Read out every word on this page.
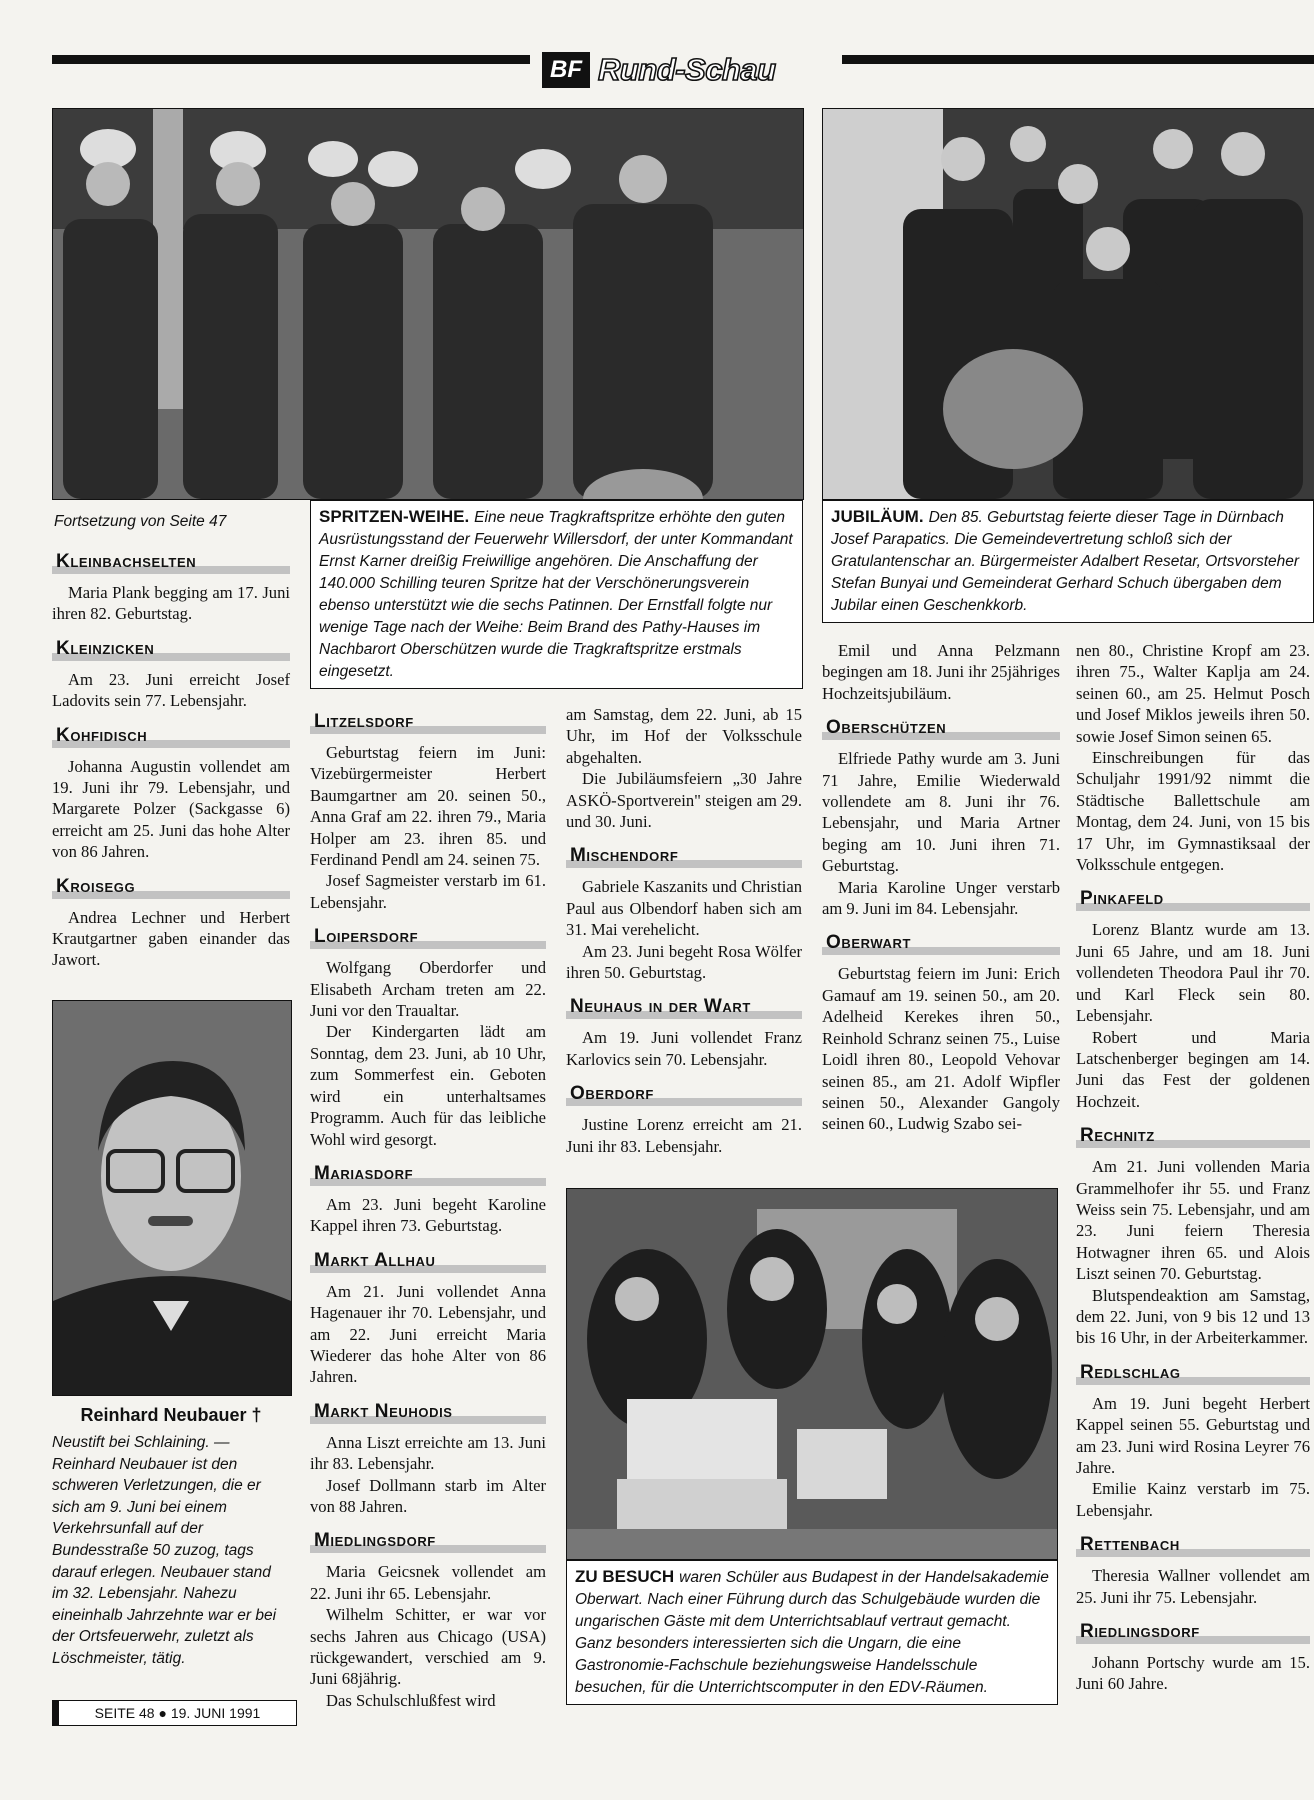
BF Rund-Schau
Fortsetzung von Seite 47
Kleinbachselten

Maria Plank begging am 17. Juni ihren 82. Geburtstag.

Kleinzicken

Am 23. Juni erreicht Josef Ladovits sein 77. Lebensjahr.

Kohfidisch

Johanna Augustin vollendet am 19. Juni ihr 79. Lebensjahr, und Margarete Polzer (Sackgasse 6) erreicht am 25. Juni das hohe Alter von 86 Jahren.

Kroisegg

Andrea Lechner und Herbert Krautgartner gaben einander das Jawort.

Reinhard Neubauer †
Neustift bei Schlaining. — Reinhard Neubauer ist den schweren Verletzungen, die er sich am 9. Juni bei einem Verkehrsunfall auf der Bundesstraße 50 zuzog, tags darauf erlegen. Neubauer stand im 32. Lebensjahr. Nahezu eineinhalb Jahrzehnte war er bei der Ortsfeuerwehr, zuletzt als Löschmeister, tätig.
SEITE 48 ● 19. JUNI 1991
SPRITZEN-WEIHE. Eine neue Tragkraftspritze erhöhte den guten Ausrüstungsstand der Feuerwehr Willersdorf, der unter Kommandant Ernst Karner dreißig Freiwillige angehören. Die Anschaffung der 140.000 Schilling teuren Spritze hat der Verschönerungsverein ebenso unterstützt wie die sechs Patinnen. Der Ernstfall folgte nur wenige Tage nach der Weihe: Beim Brand des Pathy-Hauses im Nachbarort Oberschützen wurde die Tragkraftspritze erstmals eingesetzt.
Litzelsdorf

Geburtstag feiern im Juni: Vizebürgermeister Herbert Baumgartner am 20. seinen 50., Anna Graf am 22. ihren 79., Maria Holper am 23. ihren 85. und Ferdinand Pendl am 24. seinen 75.

Josef Sagmeister verstarb im 61. Lebensjahr.

Loipersdorf

Wolfgang Oberdorfer und Elisabeth Archam treten am 22. Juni vor den Traualtar.

Der Kindergarten lädt am Sonntag, dem 23. Juni, ab 10 Uhr, zum Sommerfest ein. Geboten wird ein unterhaltsames Programm. Auch für das leibliche Wohl wird gesorgt.

Mariasdorf

Am 23. Juni begeht Karoline Kappel ihren 73. Geburtstag.

Markt Allhau

Am 21. Juni vollendet Anna Hagenauer ihr 70. Lebensjahr, und am 22. Juni erreicht Maria Wiederer das hohe Alter von 86 Jahren.

Markt Neuhodis

Anna Liszt erreichte am 13. Juni ihr 83. Lebensjahr.

Josef Dollmann starb im Alter von 88 Jahren.

Miedlingsdorf

Maria Geicsnek vollendet am 22. Juni ihr 65. Lebensjahr.

Wilhelm Schitter, er war vor sechs Jahren aus Chicago (USA) rückgewandert, verschied am 9. Juni 68jährig.

Das Schulschlußfest wird

am Samstag, dem 22. Juni, ab 15 Uhr, im Hof der Volksschule abgehalten.

Die Jubiläumsfeiern „30 Jahre ASKÖ-Sportverein" steigen am 29. und 30. Juni.

Mischendorf

Gabriele Kaszanits und Christian Paul aus Olbendorf haben sich am 31. Mai verehelicht.

Am 23. Juni begeht Rosa Wölfer ihren 50. Geburtstag.

Neuhaus in der Wart

Am 19. Juni vollendet Franz Karlovics sein 70. Lebensjahr.

Oberdorf

Justine Lorenz erreicht am 21. Juni ihr 83. Lebensjahr.

JUBILÄUM. Den 85. Geburtstag feierte dieser Tage in Dürnbach Josef Parapatics. Die Gemeindevertretung schloß sich der Gratulantenschar an. Bürgermeister Adalbert Resetar, Ortsvorsteher Stefan Bunyai und Gemeinderat Gerhard Schuch übergaben dem Jubilar einen Geschenkkorb.

Emil und Anna Pelzmann begingen am 18. Juni ihr 25jähriges Hochzeitsjubiläum.

Oberschützen

Elfriede Pathy wurde am 3. Juni 71 Jahre, Emilie Wiederwald vollendete am 8. Juni ihr 76. Lebensjahr, und Maria Artner beging am 10. Juni ihren 71. Geburtstag.

Maria Karoline Unger verstarb am 9. Juni im 84. Lebensjahr.

Oberwart

Geburtstag feiern im Juni: Erich Gamauf am 19. seinen 50., am 20. Adelheid Kerekes ihren 50., Reinhold Schranz seinen 75., Luise Loidl ihren 80., Leopold Vehovar seinen 85., am 21. Adolf Wipfler seinen 50., Alexander Gangoly seinen 60., Ludwig Szabo sei-

nen 80., Christine Kropf am 23. ihren 75., Walter Kaplja am 24. seinen 60., am 25. Helmut Posch und Josef Miklos jeweils ihren 50. sowie Josef Simon seinen 65.

Einschreibungen für das Schuljahr 1991/92 nimmt die Städtische Ballettschule am Montag, dem 24. Juni, von 15 bis 17 Uhr, im Gymnastiksaal der Volksschule entgegen.

Pinkafeld

Lorenz Blantz wurde am 13. Juni 65 Jahre, und am 18. Juni vollendeten Theodora Paul ihr 70. und Karl Fleck sein 80. Lebensjahr.

Robert und Maria Latschenberger begingen am 14. Juni das Fest der goldenen Hochzeit.

Rechnitz

Am 21. Juni vollenden Maria Grammelhofer ihr 55. und Franz Weiss sein 75. Lebensjahr, und am 23. Juni feiern Theresia Hotwagner ihren 65. und Alois Liszt seinen 70. Geburtstag.

Blutspendeaktion am Samstag, dem 22. Juni, von 9 bis 12 und 13 bis 16 Uhr, in der Arbeiterkammer.

Redlschlag

Am 19. Juni begeht Herbert Kappel seinen 55. Geburtstag und am 23. Juni wird Rosina Leyrer 76 Jahre.

Emilie Kainz verstarb im 75. Lebensjahr.

Rettenbach

Theresia Wallner vollendet am 25. Juni ihr 75. Lebensjahr.

Riedlingsdorf

Johann Portschy wurde am 15. Juni 60 Jahre.

ZU BESUCH waren Schüler aus Budapest in der Handelsakademie Oberwart. Nach einer Führung durch das Schulgebäude wurden die ungarischen Gäste mit dem Unterrichtsablauf vertraut gemacht. Ganz besonders interessierten sich die Ungarn, die eine Gastronomie-Fachschule beziehungsweise Handelsschule besuchen, für die Unterrichtscomputer in den EDV-Räumen.
